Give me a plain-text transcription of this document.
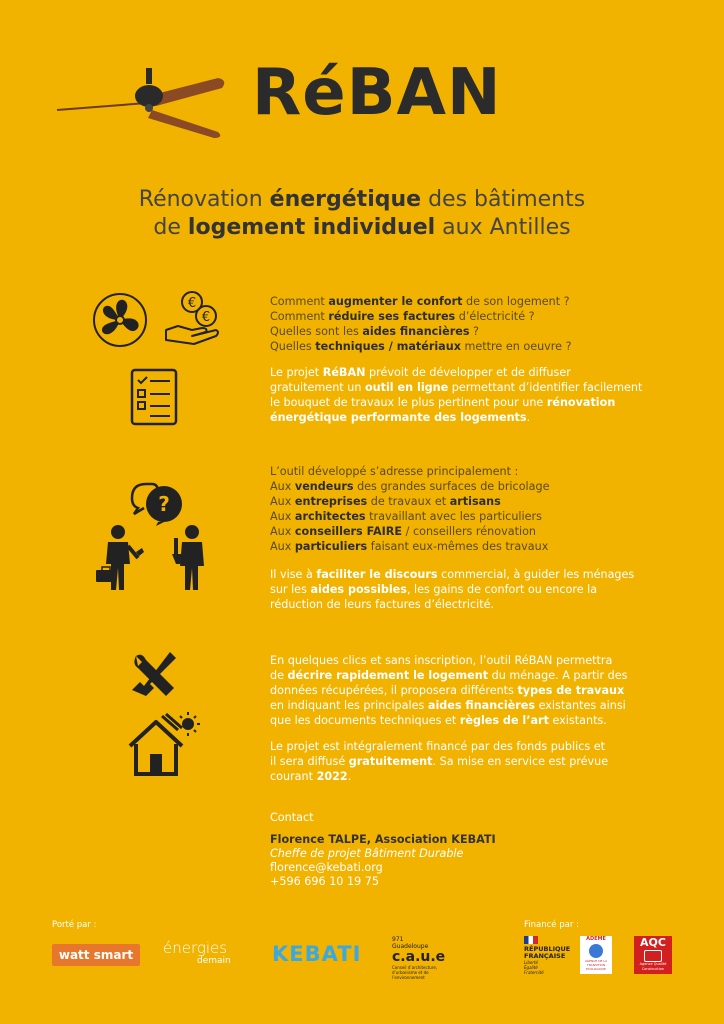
RéBAN
Rénovation énergétique des bâtiments
de logement individuel aux Antilles
€
€
?
Comment augmenter le confort de son logement ?
Comment réduire ses factures d’électricité ?
Quelles sont les aides financières ?
Quelles techniques / matériaux mettre en oeuvre ?
Le projet RéBAN prévoit de développer et de diffuser
gratuitement un outil en ligne permettant d’identifier facilement
le bouquet de travaux le plus pertinent pour une rénovation
énergétique performante des logements.
L’outil développé s’adresse principalement :
Aux vendeurs des grandes surfaces de bricolage
Aux entreprises de travaux et artisans
Aux architectes travaillant avec les particuliers
Aux conseillers FAIRE / conseillers rénovation
Aux particuliers faisant eux-mêmes des travaux
Il vise à faciliter le discours commercial, à guider les ménages
sur les aides possibles, les gains de confort ou encore la
réduction de leurs factures d’électricité.
En quelques clics et sans inscription, l’outil RéBAN permettra
de décrire rapidement le logement du ménage. A partir des
données récupérées, il proposera différents types de travaux
en indiquant les principales aides financières existantes ainsi
que les documents techniques et règles de l’art existants.
Le projet est intégralement financé par des fonds publics et
il sera diffusé gratuitement. Sa mise en service est prévue
courant 2022.
Contact
Florence TALPE, Association KEBATI
Cheffe de projet Bâtiment Durable
florence@kebati.org
+596 696 10 19 75
Porté par :	Financé par :
watt smart	énergies
demain	KEBATI
971
Guadeloupe
c.a.u.e
Conseil d’architecture, d’urbanisme et de l’environnement
RÉPUBLIQUE
FRANÇAISE
Liberté
Égalité
Fraternité
ADEME
AGENCE DE LA TRANSITION ÉCOLOGIQUE
AQC
Agence Qualité Construction
